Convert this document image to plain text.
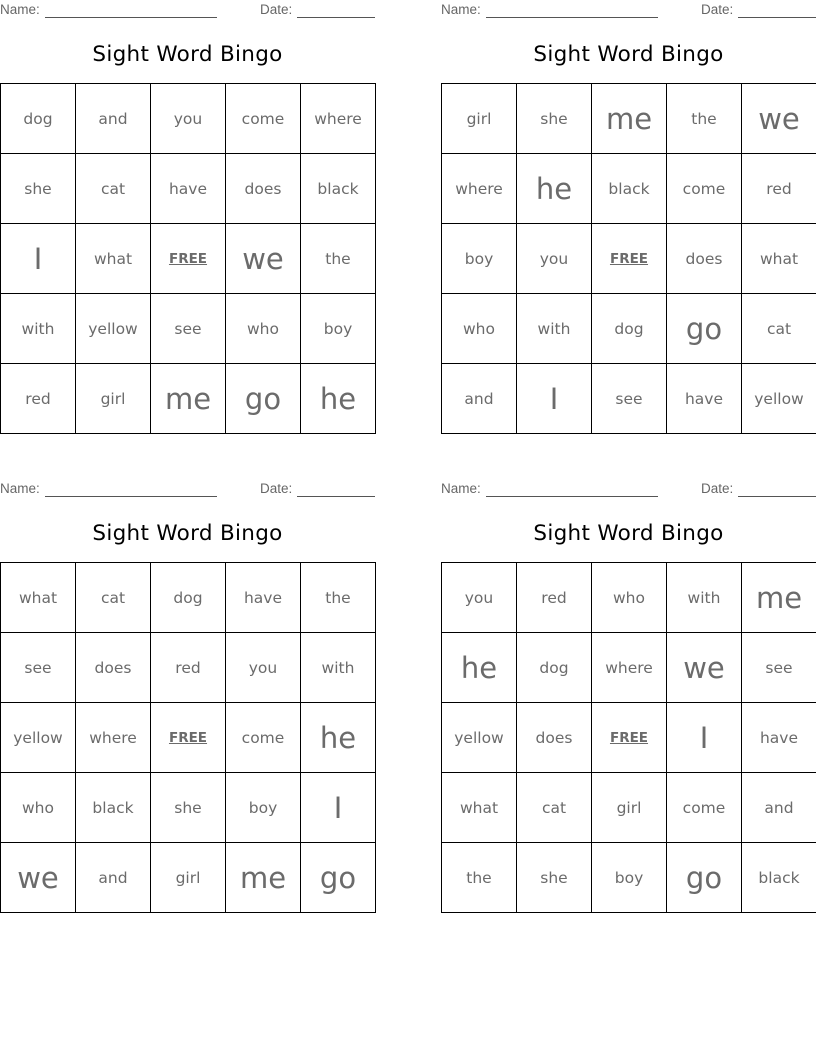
Name:	Date:
Sight Word Bingo
dog	and	you	come	where
she	cat	have	does	black
I	what	FREE	we	the
with	yellow	see	who	boy
red	girl	me	go	he
Name:	Date:
Sight Word Bingo
girl	she	me	the	we
where	he	black	come	red
boy	you	FREE	does	what
who	with	dog	go	cat
and	I	see	have	yellow
Name:	Date:
Sight Word Bingo
what	cat	dog	have	the
see	does	red	you	with
yellow	where	FREE	come	he
who	black	she	boy	I
we	and	girl	me	go
Name:	Date:
Sight Word Bingo
you	red	who	with	me
he	dog	where	we	see
yellow	does	FREE	I	have
what	cat	girl	come	and
the	she	boy	go	black
